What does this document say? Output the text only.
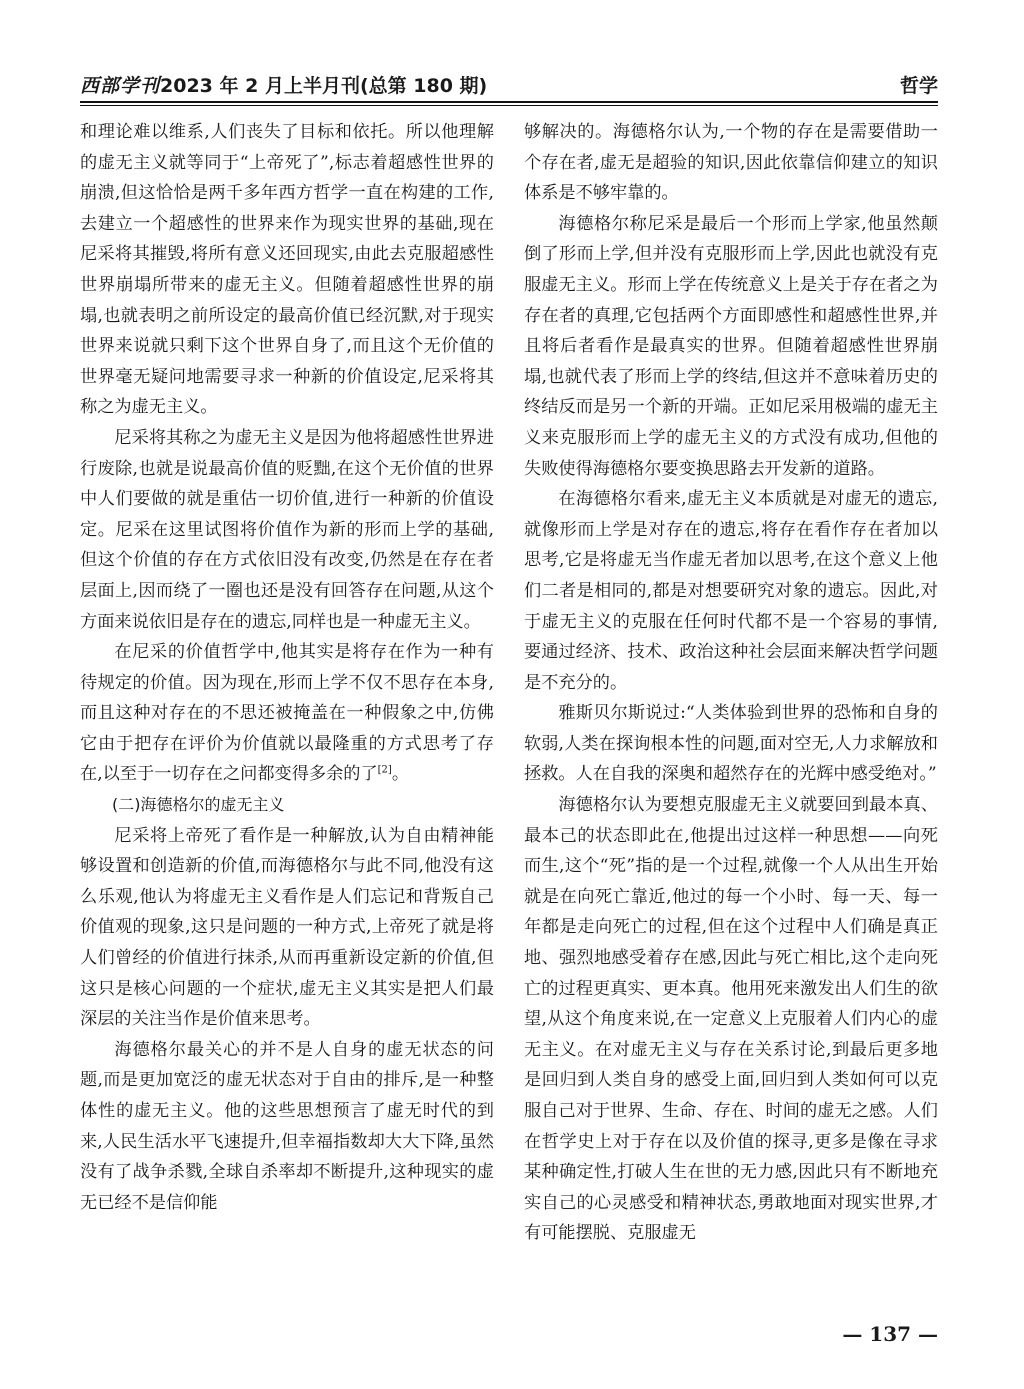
西部学刊2023 年 2 月上半月刊(总第 180 期)	哲学

和理论难以维系,人们丧失了目标和依托。所以他理解的虚无主义就等同于“上帝死了”,标志着超感性世界的崩溃,但这恰恰是两千多年西方哲学一直在构建的工作,去建立一个超感性的世界来作为现实世界的基础,现在尼采将其摧毁,将所有意义还回现实,由此去克服超感性世界崩塌所带来的虚无主义。但随着超感性世界的崩塌,也就表明之前所设定的最高价值已经沉默,对于现实世界来说就只剩下这个世界自身了,而且这个无价值的世界毫无疑问地需要寻求一种新的价值设定,尼采将其称之为虚无主义。

尼采将其称之为虚无主义是因为他将超感性世界进行废除,也就是说最高价值的贬黜,在这个无价值的世界中人们要做的就是重估一切价值,进行一种新的价值设定。尼采在这里试图将价值作为新的形而上学的基础,但这个价值的存在方式依旧没有改变,仍然是在存在者层面上,因而绕了一圈也还是没有回答存在问题,从这个方面来说依旧是存在的遗忘,同样也是一种虚无主义。

在尼采的价值哲学中,他其实是将存在作为一种有待规定的价值。因为现在,形而上学不仅不思存在本身,而且这种对存在的不思还被掩盖在一种假象之中,仿佛它由于把存在评价为价值就以最隆重的方式思考了存在,以至于一切存在之问都变得多余的了[2]。

(二)海德格尔的虚无主义

尼采将上帝死了看作是一种解放,认为自由精神能够设置和创造新的价值,而海德格尔与此不同,他没有这么乐观,他认为将虚无主义看作是人们忘记和背叛自己价值观的现象,这只是问题的一种方式,上帝死了就是将人们曾经的价值进行抹杀,从而再重新设定新的价值,但这只是核心问题的一个症状,虚无主义其实是把人们最深层的关注当作是价值来思考。

海德格尔最关心的并不是人自身的虚无状态的问题,而是更加宽泛的虚无状态对于自由的排斥,是一种整体性的虚无主义。他的这些思想预言了虚无时代的到来,人民生活水平飞速提升,但幸福指数却大大下降,虽然没有了战争杀戮,全球自杀率却不断提升,这种现实的虚无已经不是信仰能

够解决的。海德格尔认为,一个物的存在是需要借助一个存在者,虚无是超验的知识,因此依靠信仰建立的知识体系是不够牢靠的。

海德格尔称尼采是最后一个形而上学家,他虽然颠倒了形而上学,但并没有克服形而上学,因此也就没有克服虚无主义。形而上学在传统意义上是关于存在者之为存在者的真理,它包括两个方面即感性和超感性世界,并且将后者看作是最真实的世界。但随着超感性世界崩塌,也就代表了形而上学的终结,但这并不意味着历史的终结反而是另一个新的开端。正如尼采用极端的虚无主义来克服形而上学的虚无主义的方式没有成功,但他的失败使得海德格尔要变换思路去开发新的道路。

在海德格尔看来,虚无主义本质就是对虚无的遗忘,就像形而上学是对存在的遗忘,将存在看作存在者加以思考,它是将虚无当作虚无者加以思考,在这个意义上他们二者是相同的,都是对想要研究对象的遗忘。因此,对于虚无主义的克服在任何时代都不是一个容易的事情,要通过经济、技术、政治这种社会层面来解决哲学问题是不充分的。

雅斯贝尔斯说过:“人类体验到世界的恐怖和自身的软弱,人类在探询根本性的问题,面对空无,人力求解放和拯救。人在自我的深奥和超然存在的光辉中感受绝对。”

海德格尔认为要想克服虚无主义就要回到最本真、最本己的状态即此在,他提出过这样一种思想——向死而生,这个“死”指的是一个过程,就像一个人从出生开始就是在向死亡靠近,他过的每一个小时、每一天、每一年都是走向死亡的过程,但在这个过程中人们确是真正地、强烈地感受着存在感,因此与死亡相比,这个走向死亡的过程更真实、更本真。他用死来激发出人们生的欲望,从这个角度来说,在一定意义上克服着人们内心的虚无主义。在对虚无主义与存在关系讨论,到最后更多地是回归到人类自身的感受上面,回归到人类如何可以克服自己对于世界、生命、存在、时间的虚无之感。人们在哲学史上对于存在以及价值的探寻,更多是像在寻求某种确定性,打破人生在世的无力感,因此只有不断地充实自己的心灵感受和精神状态,勇敢地面对现实世界,才有可能摆脱、克服虚无

— 137 —
